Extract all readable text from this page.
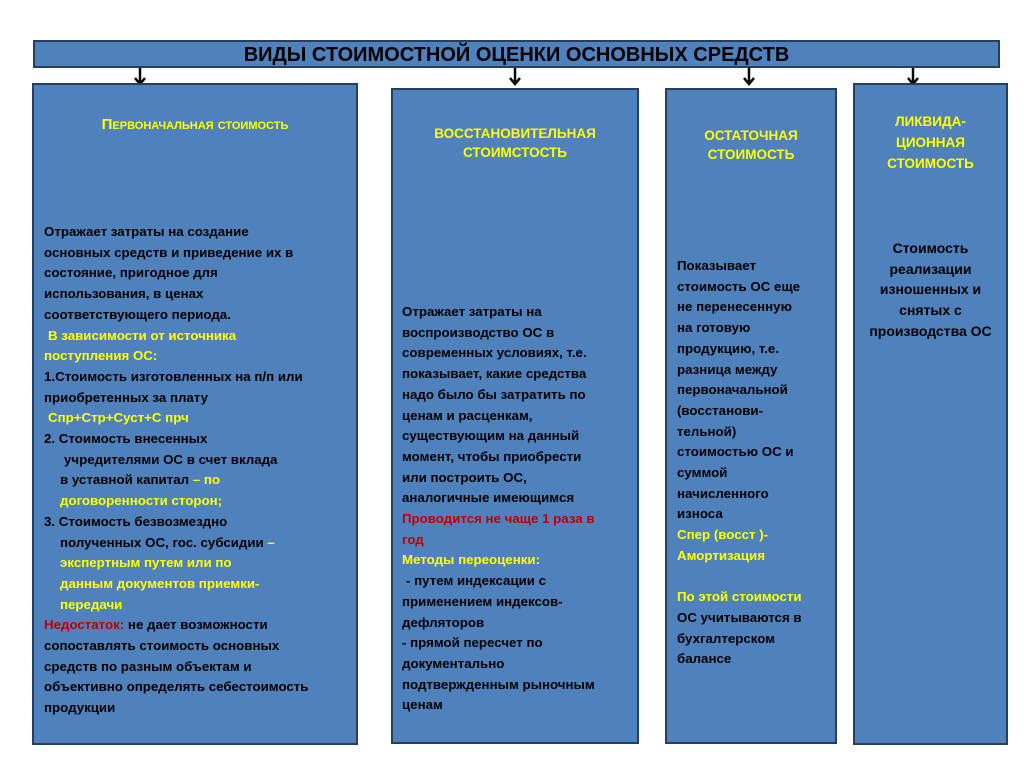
ВИДЫ СТОИМОСТНОЙ ОЦЕНКИ ОСНОВНЫХ СРЕДСТВ
Первоначальная стоимость

Отражает затраты на создание

основных средств и приведение их в

состояние, пригодное для

использования, в ценах

соответствующего периода.

В зависимости от источника

поступления ОС:

1.Стоимость изготовленных на п/п или

приобретенных за плату

Спр+Стр+Суст+С прч

2. Стоимость внесенных

учредителями ОС в счет вклада

в уставной капитал – по

договоренности сторон;

3. Стоимость безвозмездно

полученных ОС, гос. субсидии –

экспертным путем или по

данным документов приемки-

передачи

Недостаток: не дает возможности

сопоставлять стоимость основных

средств по разным объектам и

объективно определять себестоимость

продукции

ВОССТАНОВИТЕЛЬНАЯ
СТОИМСТОСТЬ

Отражает затраты на

воспроизводство ОС в

современных условиях, т.е.

показывает, какие средства

надо было бы затратить по

ценам и расценкам,

существующим на данный

момент, чтобы приобрести

или построить ОС,

аналогичные имеющимся

Проводится не чаще 1 раза в

год

Методы переоценки:

- путем индексации с

применением индексов-

дефляторов

- прямой пересчет по

документально

подтвержденным рыночным

ценам

ОСТАТОЧНАЯ
СТОИМОСТЬ

Показывает

стоимость ОС еще

не перенесенную

на готовую

продукцию, т.е.

разница между

первоначальной

(восстанови-

тельной)

стоимостью ОС и

суммой

начисленного

износа

Спер (восст )-

Амортизация

По этой стоимости

ОС учитываются в

бухгалтерском

балансе

ЛИКВИДА-
ЦИОННАЯ
СТОИМОСТЬ

Стоимость

реализации

изношенных и

снятых с

производства ОС
